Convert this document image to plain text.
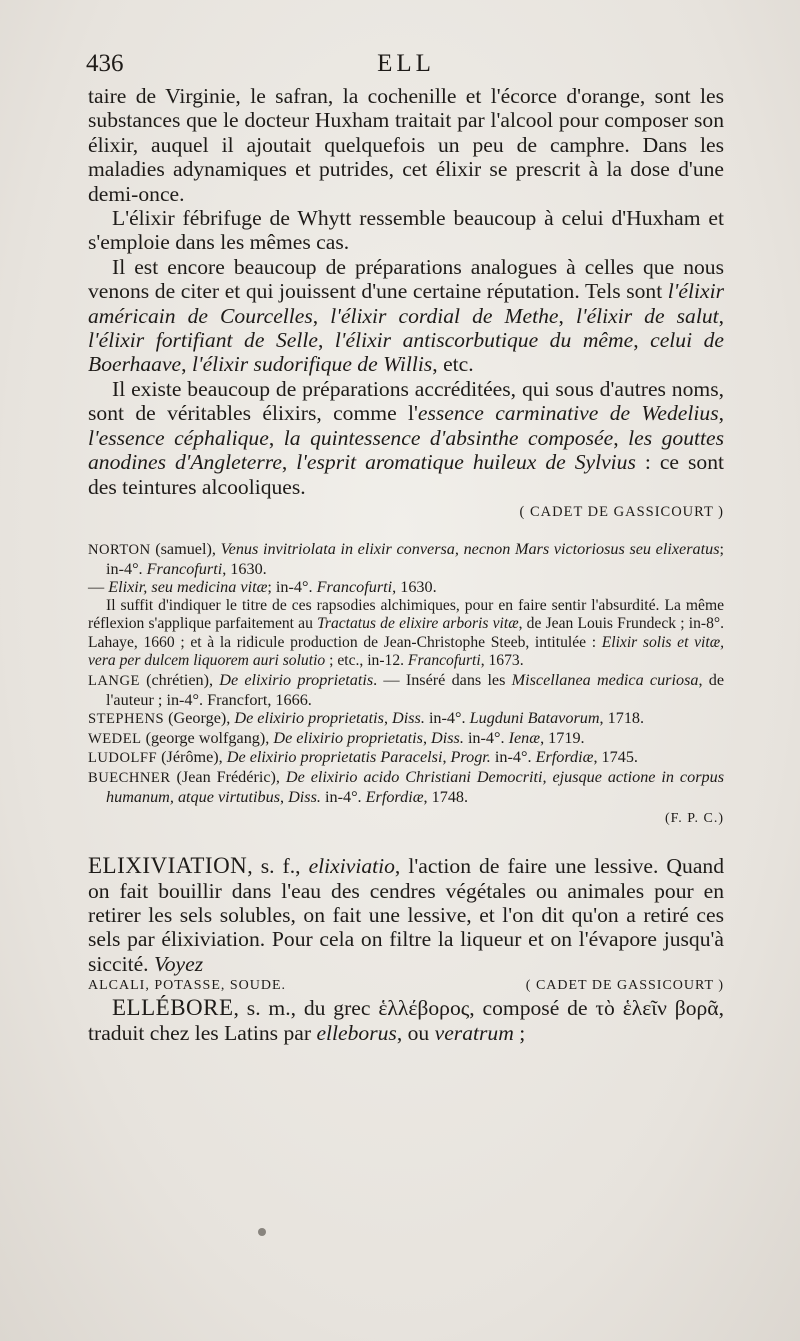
436	ELL

taire de Virginie, le safran, la cochenille et l'écorce d'orange, sont les substances que le docteur Huxham traitait par l'alcool pour composer son élixir, auquel il ajoutait quelquefois un peu de camphre. Dans les maladies adynamiques et putrides, cet élixir se prescrit à la dose d'une demi-once.

L'élixir fébrifuge de Whytt ressemble beaucoup à celui d'Huxham et s'emploie dans les mêmes cas.

Il est encore beaucoup de préparations analogues à celles que nous venons de citer et qui jouissent d'une certaine réputation. Tels sont l'élixir américain de Courcelles, l'élixir cordial de Methe, l'élixir de salut, l'élixir fortifiant de Selle, l'élixir antiscorbutique du même, celui de Boerhaave, l'élixir sudorifique de Willis, etc.

Il existe beaucoup de préparations accréditées, qui sous d'autres noms, sont de véritables élixirs, comme l'essence carminative de Wedelius, l'essence céphalique, la quintessence d'absinthe composée, les gouttes anodines d'Angleterre, l'esprit aromatique huileux de Sylvius : ce sont des teintures alcooliques.

( CADET DE GASSICOURT )

NORTON (samuel), Venus invitriolata in elixir conversa, necnon Mars victoriosus seu elixeratus; in-4°. Francofurti, 1630.

— Elixir, seu medicina vitæ; in-4°. Francofurti, 1630.

Il suffit d'indiquer le titre de ces rapsodies alchimiques, pour en faire sentir l'absurdité. La même réflexion s'applique parfaitement au Tractatus de elixire arboris vitæ, de Jean Louis Frundeck ; in-8°. Lahaye, 1660 ; et à la ridicule production de Jean-Christophe Steeb, intitulée : Elixir solis et vitæ, vera per dulcem liquorem auri solutio ; etc., in-12. Francofurti, 1673.

LANGE (chrétien), De elixirio proprietatis. — Inséré dans les Miscellanea medica curiosa, de l'auteur ; in-4°. Francfort, 1666.

STEPHENS (George), De elixirio proprietatis, Diss. in-4°. Lugduni Batavorum, 1718.

WEDEL (george wolfgang), De elixirio proprietatis, Diss. in-4°. Ienæ, 1719.

LUDOLFF (Jérôme), De elixirio proprietatis Paracelsi, Progr. in-4°. Erfordiæ, 1745.

BUECHNER (Jean Frédéric), De elixirio acido Christiani Democriti, ejusque actione in corpus humanum, atque virtutibus, Diss. in-4°. Erfordiæ, 1748.

(F. P. C.)

ELIXIVIATION, s. f., elixiviatio, l'action de faire une lessive. Quand on fait bouillir dans l'eau des cendres végétales ou animales pour en retirer les sels solubles, on fait une lessive, et l'on dit qu'on a retiré ces sels par élixiviation. Pour cela on filtre la liqueur et on l'évapore jusqu'à siccité. Voyez

ALCALI, POTASSE, SOUDE.	( CADET DE GASSICOURT )

ELLÉBORE, s. m., du grec ἑλλέβορος, composé de τὸ ἑλεῖν βορᾶ, traduit chez les Latins par elleborus, ou veratrum ;
